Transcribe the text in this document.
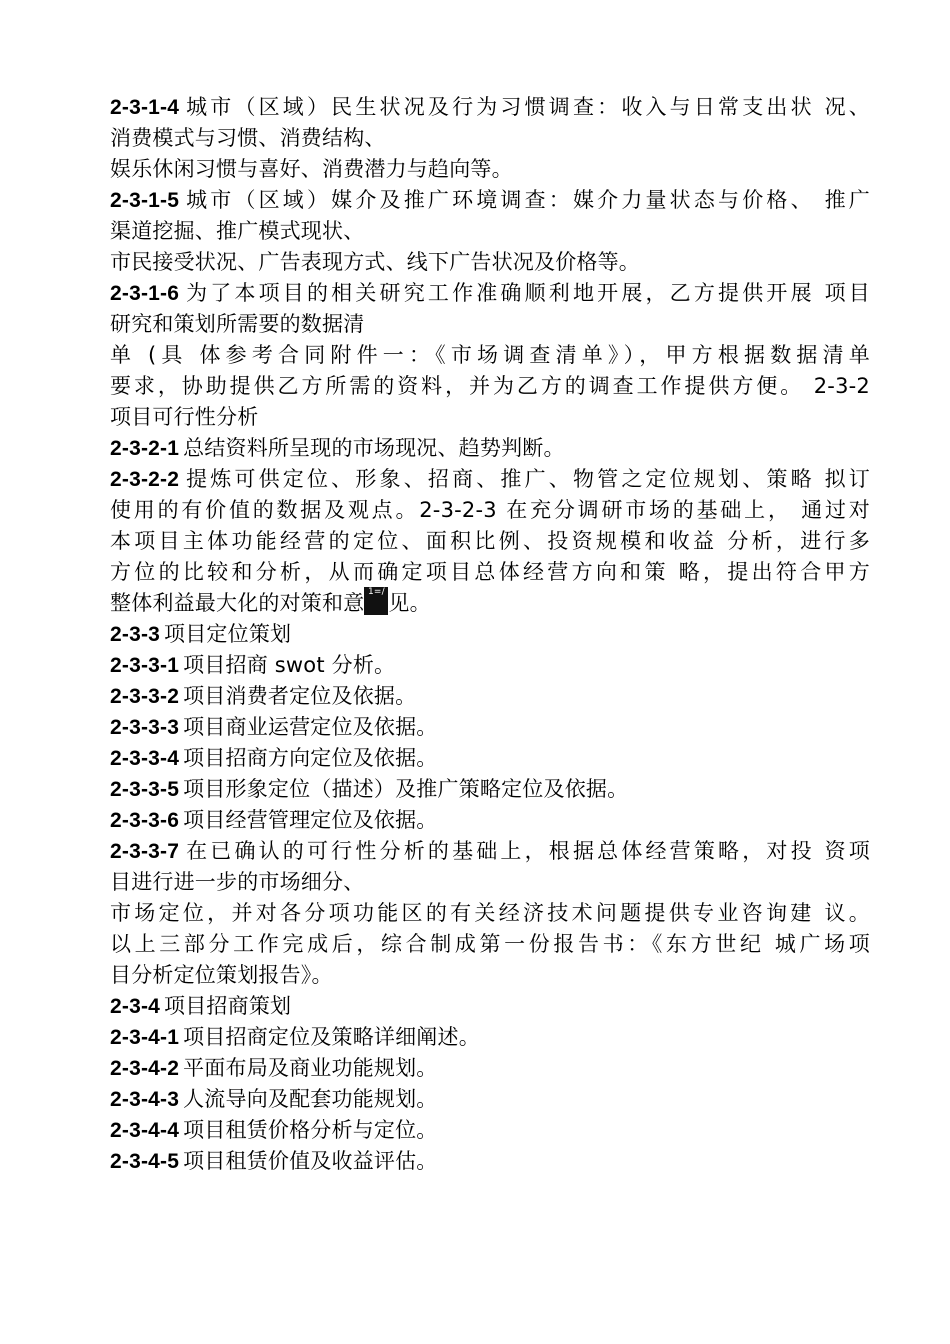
2-3-1-4 城市（区域）民生状况及行为习惯调查：收入与日常支出状 况、
消费模式与习惯、消费结构、
娱乐休闲习惯与喜好、消费潜力与趋向等。
2-3-1-5 城市（区域）媒介及推广环境调查：媒介力量状态与价格、 推广
渠道挖掘、推广模式现状、
市民接受状况、广告表现方式、线下广告状况及价格等。
2-3-1-6 为了本项目的相关研究工作准确顺利地开展，乙方提供开展 项目
研究和策划所需要的数据清
单 (具 体参考合同附件一：《市场调查清单》），甲方根据数据清单
要求，协助提供乙方所需的资料，并为乙方的调查工作提供方便。 2-3-2
项目可行性分析
2-3-2-1 总结资料所呈现的市场现况、趋势判断。
2-3-2-2 提炼可供定位、形象、招商、推广、物管之定位规划、策略 拟订
使用的有价值的数据及观点。2-3-2-3 在充分调研市场的基础上， 通过对
本项目主体功能经营的定位、面积比例、投资规模和收益 分析，进行多
方位的比较和分析，从而确定项目总体经营方向和策 略，提出符合甲方
整体利益最大化的对策和意 1=/ 见。
2-3-3 项目定位策划
2-3-3-1 项目招商 swot 分析。
2-3-3-2 项目消费者定位及依据。
2-3-3-3 项目商业运营定位及依据。
2-3-3-4 项目招商方向定位及依据。
2-3-3-5 项目形象定位（描述）及推广策略定位及依据。
2-3-3-6 项目经营管理定位及依据。
2-3-3-7 在已确认的可行性分析的基础上，根据总体经营策略，对投 资项
目进行进一步的市场细分、
市场定位，并对各分项功能区的有关经济技术问题提供专业咨询建 议。
以上三部分工作完成后，综合制成第一份报告书：《东方世纪 城广场项
目分析定位策划报告》。
2-3-4 项目招商策划
2-3-4-1 项目招商定位及策略详细阐述。
2-3-4-2 平面布局及商业功能规划。
2-3-4-3 人流导向及配套功能规划。
2-3-4-4 项目租赁价格分析与定位。
2-3-4-5 项目租赁价值及收益评估。
